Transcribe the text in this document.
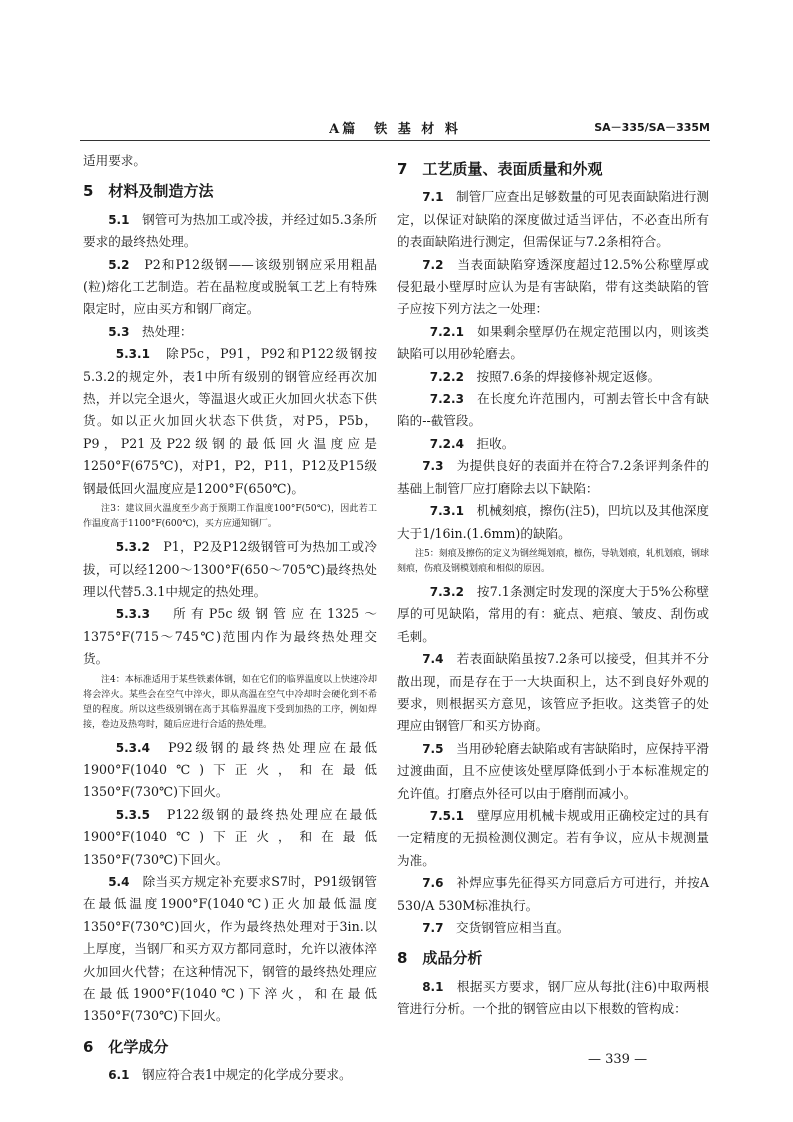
A篇　铁 基 材 料	SA－335/SA－335M

适用要求。

5　材料及制造方法

5.1　 钢管可为热加工或冷拔，并经过如5.3条所要求的最终热处理。

5.2　 P2和P12级钢——该级别钢应采用粗晶(粒)熔化工艺制造。若在晶粒度或脱氧工艺上有特殊限定时，应由买方和钢厂商定。

5.3　 热处理：

5.3.1　 除P5c，P91，P92和P122级钢按5.3.2的规定外，表1中所有级别的钢管应经再次加热，并以完全退火，等温退火或正火加回火状态下供货。如以正火加回火状态下供货，对P5，P5b，P9，P21及P22级钢的最低回火温度应是1250°F(675℃)，对P1，P2，P11，P12及P15级钢最低回火温度应是1200°F(650℃)。

注3：建议回火温度至少高于预期工作温度100°F(50℃)，因此若工作温度高于1100°F(600℃)，买方应通知钢厂。

5.3.2　 P1，P2及P12级钢管可为热加工或冷拔，可以经1200～1300°F(650～705℃)最终热处理以代替5.3.1中规定的热处理。

5.3.3　 所有P5c级钢管应在1325～1375°F(715～745℃)范围内作为最终热处理交货。

注4：本标准适用于某些铁素体钢，如在它们的临界温度以上快速冷却将会淬火。某些会在空气中淬火，即从高温在空气中冷却时会硬化到不希望的程度。所以这些级别钢在高于其临界温度下受到加热的工序，例如焊接，卷边及热弯时，随后应进行合适的热处理。

5.3.4　 P92级钢的最终热处理应在最低1900°F(1040℃)下正火，和在最低1350°F(730℃)下回火。

5.3.5　 P122级钢的最终热处理应在最低1900°F(1040℃)下正火，和在最低1350°F(730℃)下回火。

5.4　 除当买方规定补充要求S7时，P91级钢管在最低温度1900°F(1040℃)正火加最低温度1350°F(730℃)回火，作为最终热处理对于3in.以上厚度，当钢厂和买方双方都同意时，允许以液体淬火加回火代替；在这种情况下，钢管的最终热处理应在最低1900°F(1040℃)下淬火，和在最低1350°F(730℃)下回火。

6　化学成分

6.1　 钢应符合表1中规定的化学成分要求。

7　工艺质量、表面质量和外观

7.1　 制管厂应查出足够数量的可见表面缺陷进行测定，以保证对缺陷的深度做过适当评估，不必查出所有的表面缺陷进行测定，但需保证与7.2条相符合。

7.2　 当表面缺陷穿透深度超过12.5%公称壁厚或侵犯最小壁厚时应认为是有害缺陷，带有这类缺陷的管子应按下列方法之一处理：

7.2.1　 如果剩余壁厚仍在规定范围以内，则该类缺陷可以用砂轮磨去。

7.2.2　 按照7.6条的焊接修补规定返修。

7.2.3　 在长度允许范围内，可割去管长中含有缺陷的--截管段。

7.2.4　 拒收。

7.3　 为提供良好的表面并在符合7.2条评判条件的基础上制管厂应打磨除去以下缺陷：

7.3.1　 机械刻痕，擦伤(注5)，凹坑以及其他深度大于1/16in.(1.6mm)的缺陷。

注5：刻痕及擦伤的定义为钢丝绳划痕，檩伤，导轨划痕，轧机划痕，钢球刻痕，伤痕及钢模划痕和相似的原因。

7.3.2　 按7.1条测定时发现的深度大于5%公称壁厚的可见缺陷，常用的有：疵点、疤痕、皱皮、刮伤或毛刺。

7.4　 若表面缺陷虽按7.2条可以接受，但其并不分散出现，而是存在于一大块面积上，达不到良好外观的要求，则根据买方意见，该管应予拒收。这类管子的处理应由钢管厂和买方协商。

7.5　 当用砂轮磨去缺陷或有害缺陷时，应保持平滑过渡曲面，且不应使该处壁厚降低到小于本标准规定的允许值。打磨点外径可以由于磨削而减小。

7.5.1　 壁厚应用机械卡规或用正确校定过的具有一定精度的无损检测仪测定。若有争议，应从卡规测量为准。

7.6　 补焊应事先征得买方同意后方可进行，并按A 530/A 530M标准执行。

7.7　 交货钢管应相当直。

8　成品分析

8.1　 根据买方要求，钢厂应从每批(注6)中取两根管进行分析。一个批的钢管应由以下根数的管构成：

— 339 —
